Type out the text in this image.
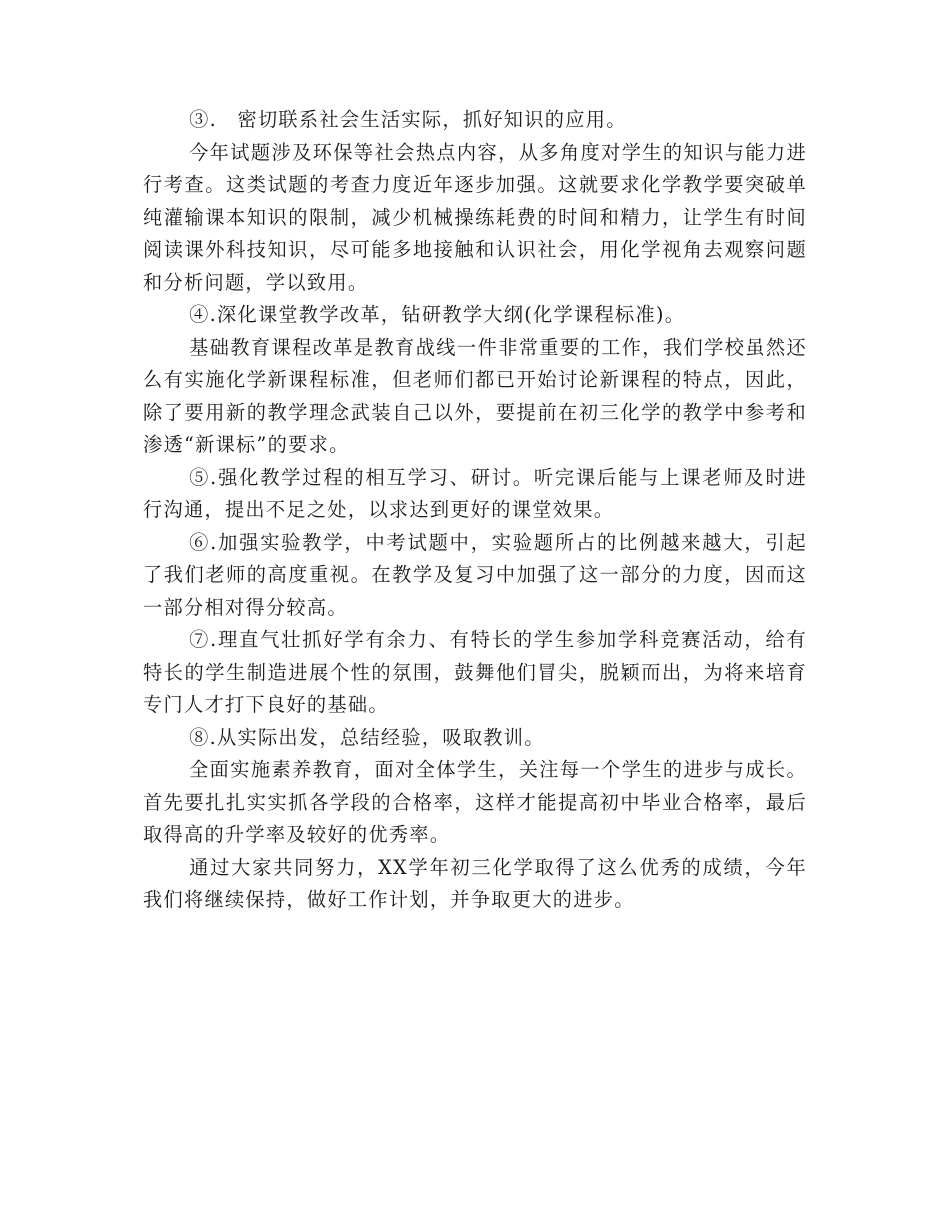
③.　密切联系社会生活实际，抓好知识的应用。

今年试题涉及环保等社会热点内容，从多角度对学生的知识与能力进行考查。这类试题的考查力度近年逐步加强。这就要求化学教学要突破单纯灌输课本知识的限制，减少机械操练耗费的时间和精力，让学生有时间阅读课外科技知识，尽可能多地接触和认识社会，用化学视角去观察问题和分析问题，学以致用。

④.深化课堂教学改革，钻研教学大纲(化学课程标准)。

基础教育课程改革是教育战线一件非常重要的工作，我们学校虽然还么有实施化学新课程标准，但老师们都已开始讨论新课程的特点，因此，除了要用新的教学理念武装自己以外，要提前在初三化学的教学中参考和渗透“新课标”的要求。

⑤.强化教学过程的相互学习、研讨。听完课后能与上课老师及时进行沟通，提出不足之处，以求达到更好的课堂效果。

⑥.加强实验教学，中考试题中，实验题所占的比例越来越大，引起了我们老师的高度重视。在教学及复习中加强了这一部分的力度，因而这一部分相对得分较高。

⑦.理直气壮抓好学有余力、有特长的学生参加学科竞赛活动，给有特长的学生制造进展个性的氛围，鼓舞他们冒尖，脱颖而出，为将来培育专门人才打下良好的基础。

⑧.从实际出发，总结经验，吸取教训。

全面实施素养教育，面对全体学生，关注每一个学生的进步与成长。首先要扎扎实实抓各学段的合格率，这样才能提高初中毕业合格率，最后取得高的升学率及较好的优秀率。

通过大家共同努力，XX学年初三化学取得了这么优秀的成绩，今年我们将继续保持，做好工作计划，并争取更大的进步。
